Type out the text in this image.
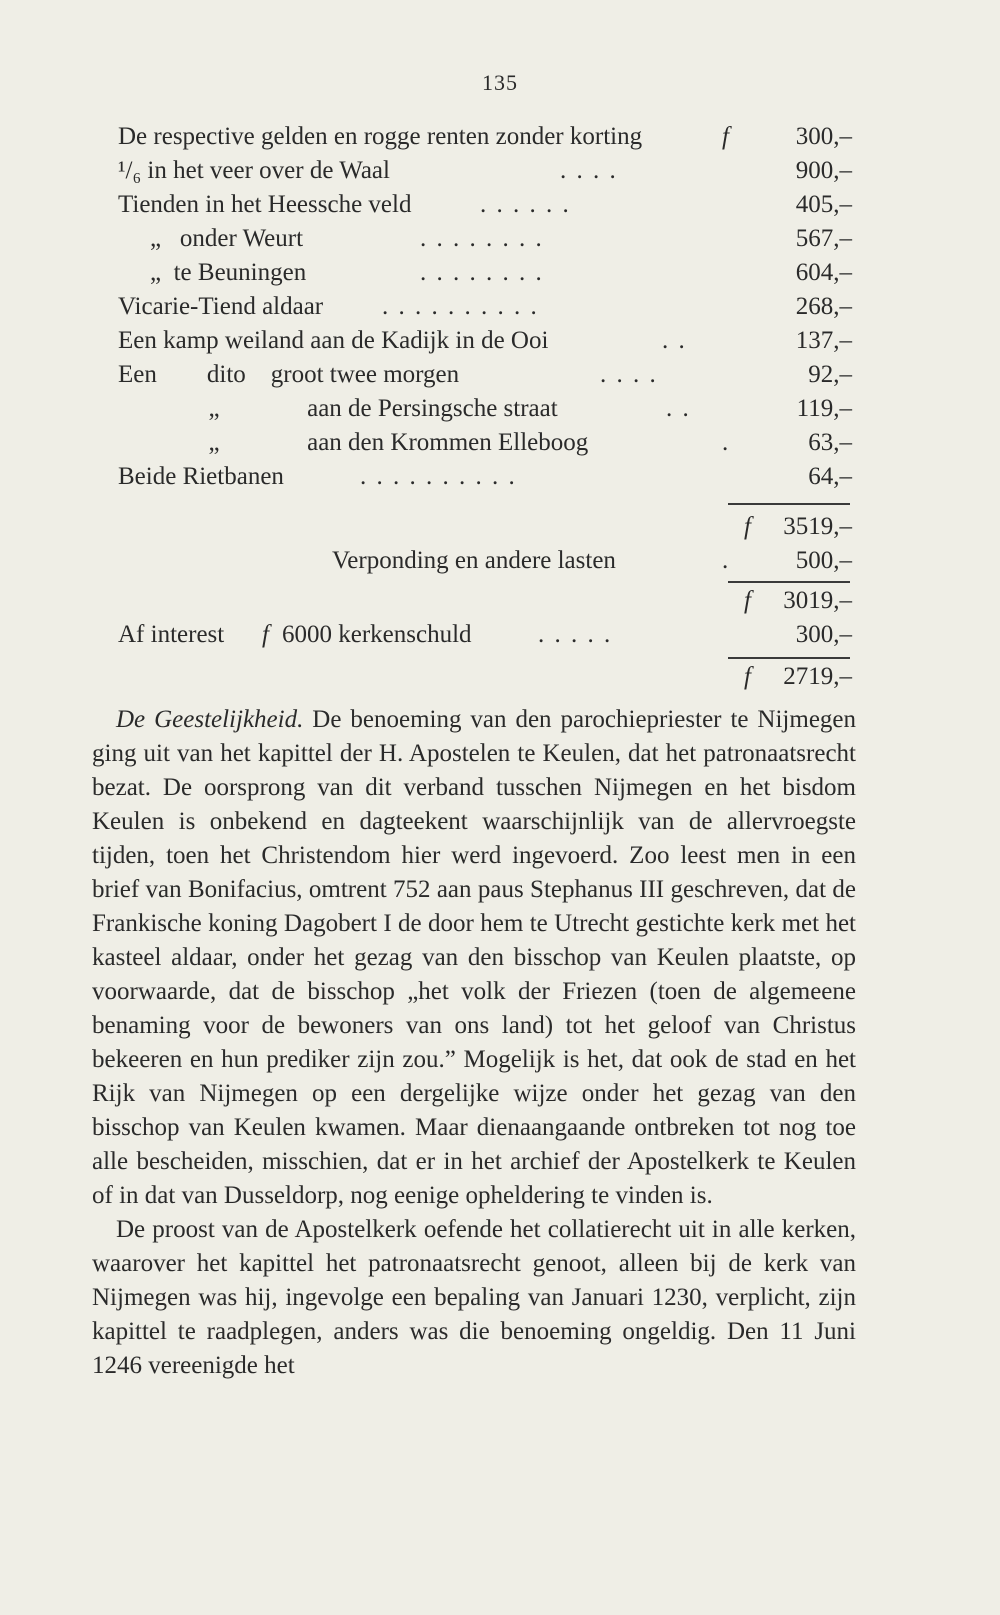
135
De respective gelden en rogge renten zonder korting	f	300,–
¹/₆ in het veer over de Waal	. . . .	900,–
Tienden in het Heessche veld	. . . . . .	405,–
„   onder Weurt	. . . . . . . .	567,–
„  te Beuningen	. . . . . . . .	604,–
Vicarie-Tiend aldaar . . . . . . . . . .	268,–
Een kamp weiland aan de Kadijk in de Ooi	. .	137,–
Een        dito    groot twee morgen	. . . .	92,–
„              aan de Persingsche straat	. .	119,–
„              aan den Krommen Elleboog	.	63,–
Beide Rietbanen	. . . . . . . . . .	64,–
f 3519,–
Verponding en andere lasten	.	500,–
f 3019,–
Af interest f 6000 kerkenschuld	. . . . .	300,–
f 2719,–

De Geestelijkheid. De benoeming van den parochiepriester te Nijmegen ging uit van het kapittel der H. Apostelen te Keulen, dat het patronaatsrecht bezat. De oorsprong van dit verband tusschen Nijmegen en het bisdom Keulen is onbekend en dagteekent waarschijnlijk van de allervroegste tijden, toen het Christendom hier werd ingevoerd. Zoo leest men in een brief van Bonifacius, omtrent 752 aan paus Stephanus III geschreven, dat de Frankische koning Dagobert I de door hem te Utrecht gestichte kerk met het kasteel aldaar, onder het gezag van den bisschop van Keulen plaatste, op voorwaarde, dat de bisschop „het volk der Friezen (toen de algemeene benaming voor de bewoners van ons land) tot het geloof van Christus bekeeren en hun prediker zijn zou.” Mogelijk is het, dat ook de stad en het Rijk van Nijmegen op een dergelijke wijze onder het gezag van den bisschop van Keulen kwamen. Maar dienaangaande ontbreken tot nog toe alle bescheiden, misschien, dat er in het archief der Apostelkerk te Keulen of in dat van Dusseldorp, nog eenige opheldering te vinden is.

De proost van de Apostelkerk oefende het collatierecht uit in alle kerken, waarover het kapittel het patronaatsrecht genoot, alleen bij de kerk van Nijmegen was hij, ingevolge een bepaling van Januari 1230, verplicht, zijn kapittel te raadplegen, anders was die benoeming ongeldig. Den 11 Juni 1246 vereenigde het
